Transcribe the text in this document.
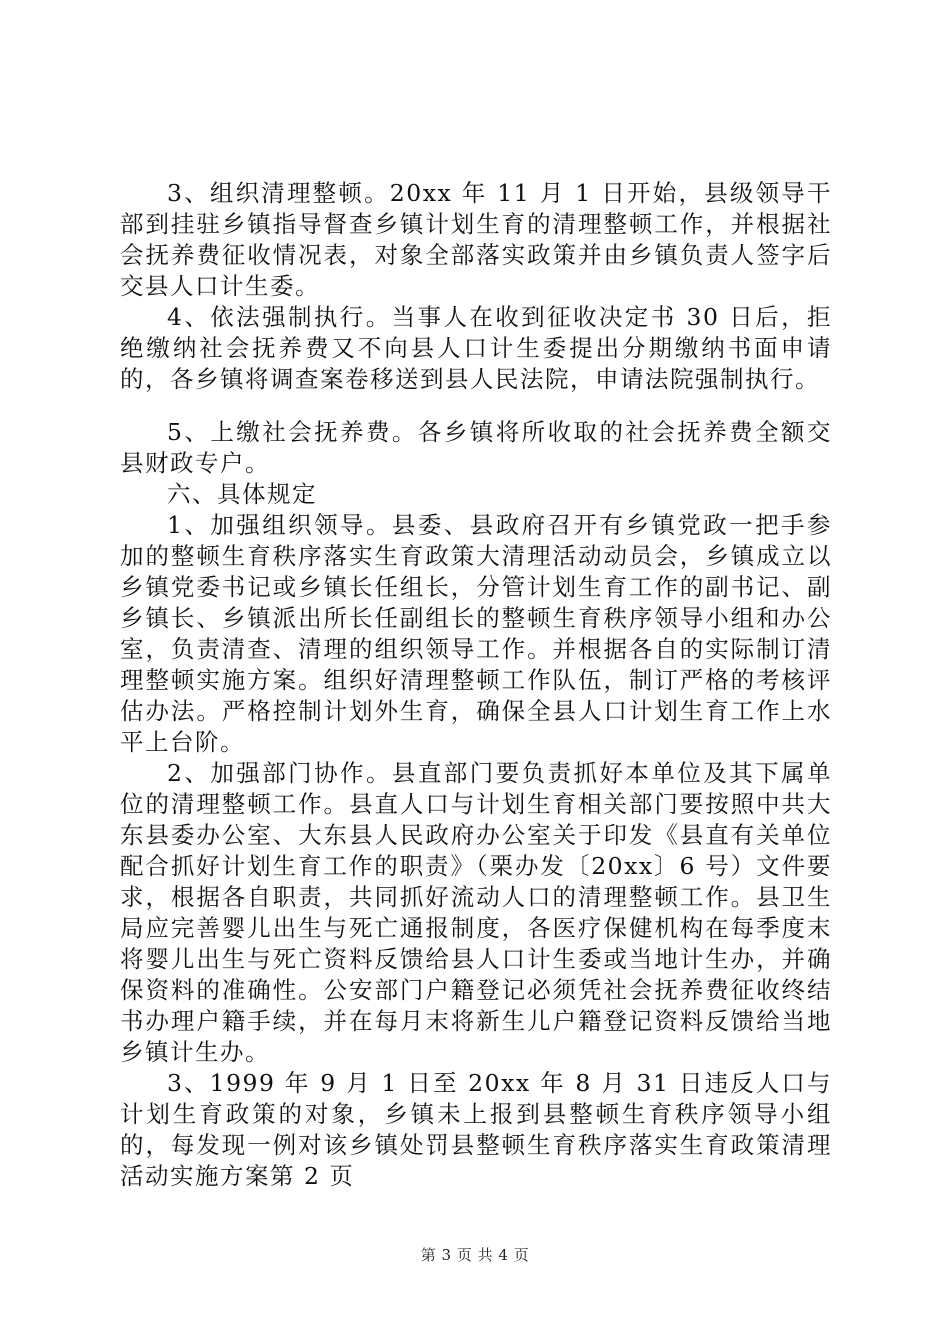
3、组织清理整顿。20xx 年 11 月 1 日开始，县级领导干部到挂驻乡镇指导督查乡镇计划生育的清理整顿工作，并根据社会抚养费征收情况表，对象全部落实政策并由乡镇负责人签字后交县人口计生委。

4、依法强制执行。当事人在收到征收决定书 30 日后，拒绝缴纳社会抚养费又不向县人口计生委提出分期缴纳书面申请的，各乡镇将调查案卷移送到县人民法院，申请法院强制执行。

5、上缴社会抚养费。各乡镇将所收取的社会抚养费全额交县财政专户。

六、具体规定

1、加强组织领导。县委、县政府召开有乡镇党政一把手参加的整顿生育秩序落实生育政策大清理活动动员会，乡镇成立以乡镇党委书记或乡镇长任组长，分管计划生育工作的副书记、副乡镇长、乡镇派出所长任副组长的整顿生育秩序领导小组和办公室，负责清查、清理的组织领导工作。并根据各自的实际制订清理整顿实施方案。组织好清理整顿工作队伍，制订严格的考核评估办法。严格控制计划外生育，确保全县人口计划生育工作上水平上台阶。

2、加强部门协作。县直部门要负责抓好本单位及其下属单位的清理整顿工作。县直人口与计划生育相关部门要按照中共大东县委办公室、大东县人民政府办公室关于印发《县直有关单位配合抓好计划生育工作的职责》（栗办发〔20xx〕6 号）文件要求，根据各自职责，共同抓好流动人口的清理整顿工作。县卫生局应完善婴儿出生与死亡通报制度，各医疗保健机构在每季度末将婴儿出生与死亡资料反馈给县人口计生委或当地计生办，并确保资料的准确性。公安部门户籍登记必须凭社会抚养费征收终结书办理户籍手续，并在每月末将新生儿户籍登记资料反馈给当地乡镇计生办。

3、1999 年 9 月 1 日至 20xx 年 8 月 31 日违反人口与计划生育政策的对象，乡镇未上报到县整顿生育秩序领导小组的，每发现一例对该乡镇处罚县整顿生育秩序落实生育政策清理活动实施方案第 2 页

第 3 页 共 4 页
